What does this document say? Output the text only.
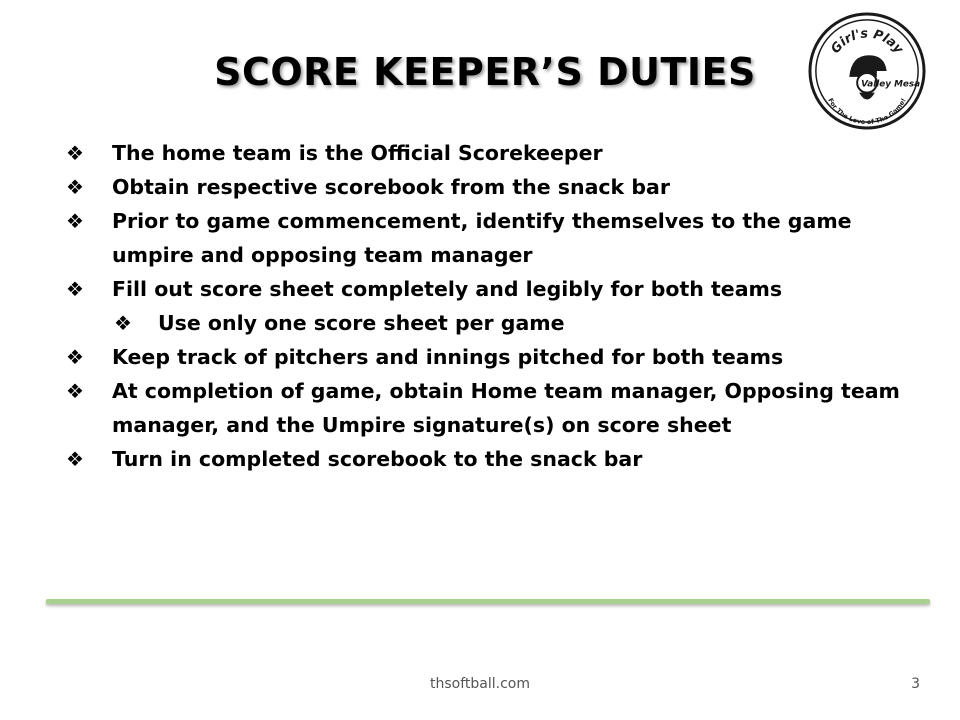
SCORE KEEPER’S DUTIES
Girl's Play
Valley Mesa
For The Love of The Game!
❖ The home team is the Official Scorekeeper
❖ Obtain respective scorebook from the snack bar
❖ Prior to game commencement, identify themselves to the game umpire and opposing team manager
❖ Fill out score sheet completely and legibly for both teams
❖ Use only one score sheet per game
❖ Keep track of pitchers and innings pitched for both teams
❖ At completion of game, obtain Home team manager, Opposing team manager, and the Umpire signature(s) on score sheet
❖ Turn in completed scorebook to the snack bar
thsoftball.com	3
